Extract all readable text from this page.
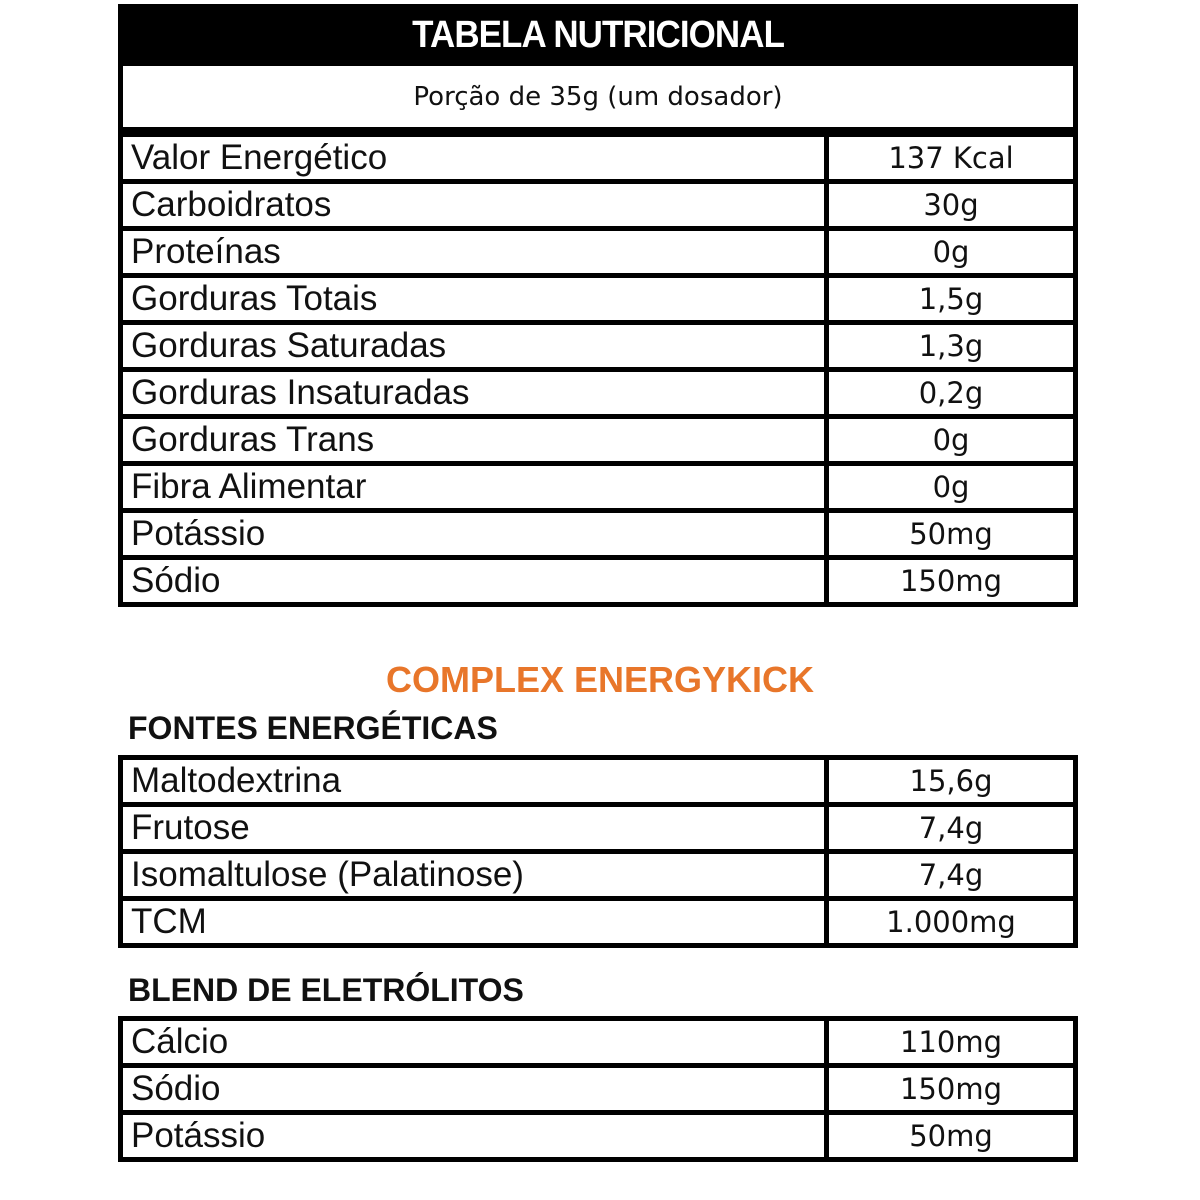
TABELA NUTRICIONAL
Porção de 35g (um dosador)
Valor Energético	137 Kcal
Carboidratos	30g
Proteínas	0g
Gorduras Totais	1,5g
Gorduras Saturadas	1,3g
Gorduras Insaturadas	0,2g
Gorduras Trans	0g
Fibra Alimentar	0g
Potássio	50mg
Sódio	150mg
COMPLEX ENERGYKICK
FONTES ENERGÉTICAS
Maltodextrina	15,6g
Frutose	7,4g
Isomaltulose (Palatinose)	7,4g
TCM	1.000mg
BLEND DE ELETRÓLITOS
Cálcio	110mg
Sódio	150mg
Potássio	50mg
